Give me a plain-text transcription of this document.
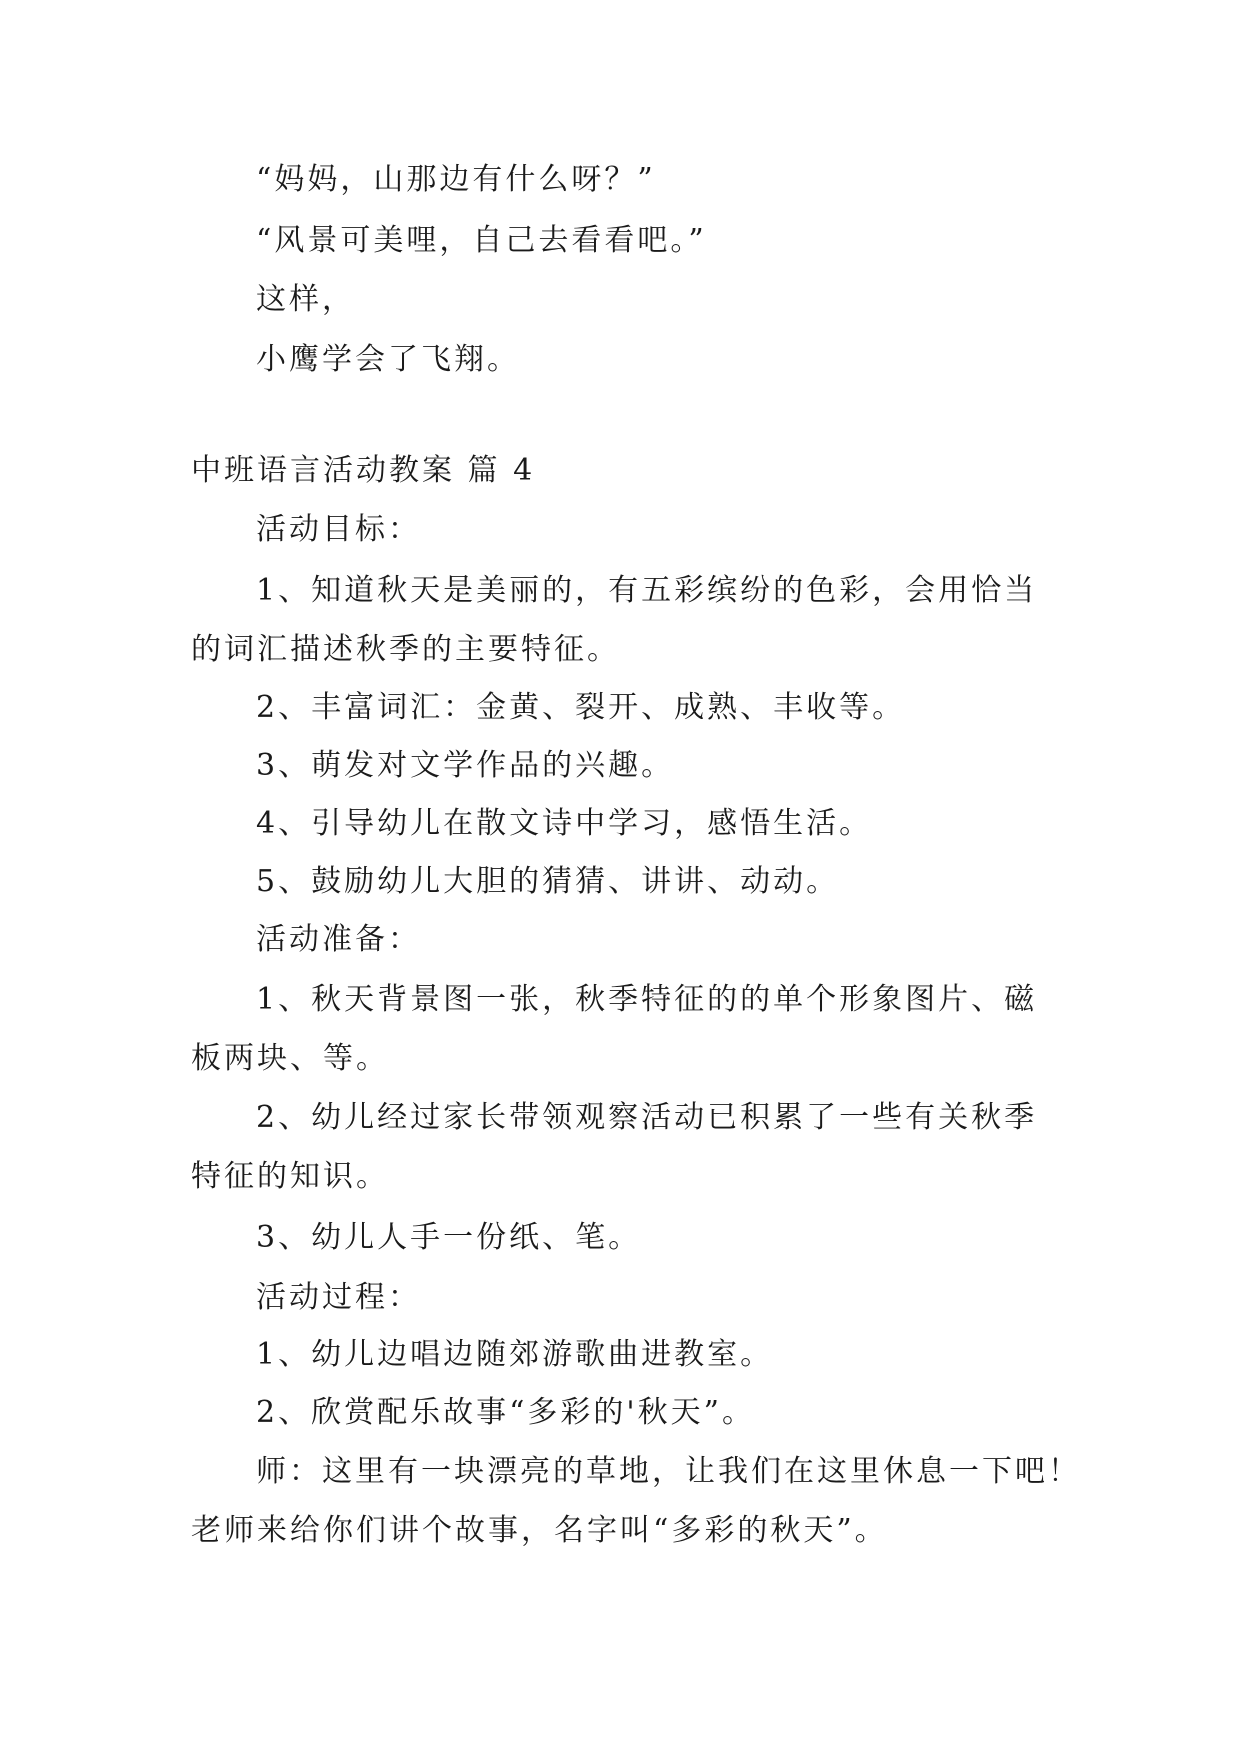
“妈妈，山那边有什么呀？”
“风景可美哩，自己去看看吧。”
这样，
小鹰学会了飞翔。
中班语言活动教案 篇 4
活动目标：
1、知道秋天是美丽的，有五彩缤纷的色彩，会用恰当
的词汇描述秋季的主要特征。
2、丰富词汇：金黄、裂开、成熟、丰收等。
3、萌发对文学作品的兴趣。
4、引导幼儿在散文诗中学习，感悟生活。
5、鼓励幼儿大胆的猜猜、讲讲、动动。
活动准备：
1、秋天背景图一张，秋季特征的的单个形象图片、磁
板两块、等。
2、幼儿经过家长带领观察活动已积累了一些有关秋季
特征的知识。
3、幼儿人手一份纸、笔。
活动过程：
1、幼儿边唱边随郊游歌曲进教室。
2、欣赏配乐故事“多彩的'秋天”。
师：这里有一块漂亮的草地，让我们在这里休息一下吧！
老师来给你们讲个故事，名字叫“多彩的秋天”。
